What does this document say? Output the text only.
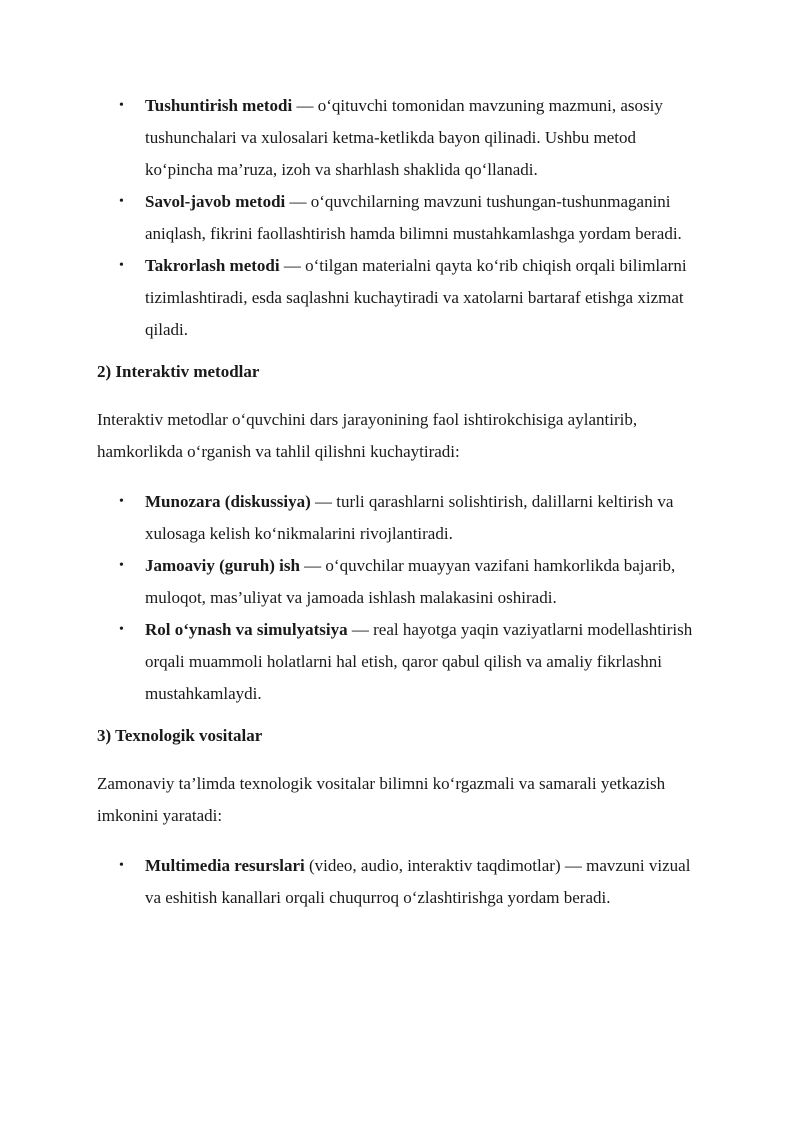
• Tushuntirish metodi — o‘qituvchi tomonidan mavzuning mazmuni, asosiy tushunchalari va xulosalari ketma-ketlikda bayon qilinadi. Ushbu metod ko‘pincha ma’ruza, izoh va sharhlash shaklida qo‘llanadi.
• Savol-javob metodi — o‘quvchilarning mavzuni tushungan-tushunmaganini aniqlash, fikrini faollashtirish hamda bilimni mustahkamlashga yordam beradi.
• Takrorlash metodi — o‘tilgan materialni qayta ko‘rib chiqish orqali bilimlarni tizimlashtiradi, esda saqlashni kuchaytiradi va xatolarni bartaraf etishga xizmat qiladi.

2) Interaktiv metodlar

Interaktiv metodlar o‘quvchini dars jarayonining faol ishtirokchisiga aylantirib, hamkorlikda o‘rganish va tahlil qilishni kuchaytiradi:

• Munozara (diskussiya) — turli qarashlarni solishtirish, dalillarni keltirish va xulosaga kelish ko‘nikmalarini rivojlantiradi.
• Jamoaviy (guruh) ish — o‘quvchilar muayyan vazifani hamkorlikda bajarib, muloqot, mas’uliyat va jamoada ishlash malakasini oshiradi.
• Rol o‘ynash va simulyatsiya — real hayotga yaqin vaziyatlarni modellashtirish orqali muammoli holatlarni hal etish, qaror qabul qilish va amaliy fikrlashni mustahkamlaydi.

3) Texnologik vositalar

Zamonaviy ta’limda texnologik vositalar bilimni ko‘rgazmali va samarali yetkazish imkonini yaratadi:

• Multimedia resurslari (video, audio, interaktiv taqdimotlar) — mavzuni vizual va eshitish kanallari orqali chuqurroq o‘zlashtirishga yordam beradi.
